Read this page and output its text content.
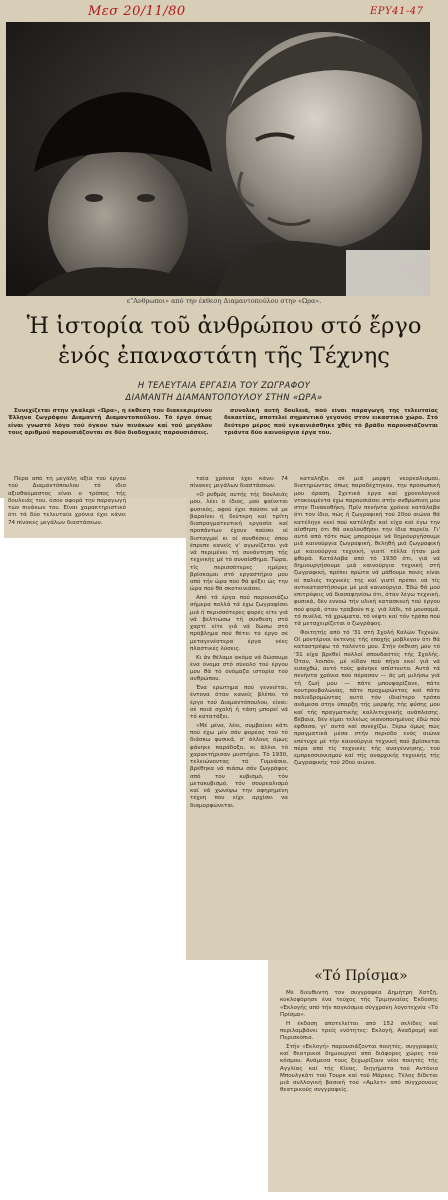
Μεσ 20/11/80	ΕΡΥ41-47
ε“Ανθρωποι» από την έκθεση Διαμαντοπούλου στην «Ωρα».
Ἡ ἱστορία τοῦ ἀνθρώπου στό ἔργο
ἑνός ἐπαναστάτη τῆς Τέχνης
Η ΤΕΛΕΥΤΑΙΑ ΕΡΓΑΣΙΑ ΤΟΥ ΖΩΓΡΑΦΟΥ
ΔΙΑΜΑΝΤΗ ΔΙΑΜΑΝΤΟΠΟΥΛΟΥ ΣΤΗΝ «ΩΡΑ»

Συνεχίζεται στην γκαλερί «Ώρα», η έκθεση του διακεκριμένου Έλληνα ζωγράφου Διαμαντή Διαμαντοπούλου. Τό έργο όπως είναι γνωστό λόγο τού όγκου τών πινάκων καί τού μεγάλου τους αριθμού παρουσιάζονται σε δύο διαδοχικές παρουσιάσεις.

συνολική αυτή δουλειά, πού είναι παραγωγή της τελευταίας δεκαετίας, αποτελεί σημαντικό γεγονός στον εικαστικό χώρο. Στό δεύτερο μέρος πού εγκαινιάσθηκε χθές τό βράδυ παρουσιάζονται τριάντα δύο καινούργια έργα του.

Πέρα από τή μεγάλη αξία τού έργου τού Διαμαντόπουλου τό ιδιο αξιοθαύμαστος είναι ο τρόπος τής δουλειάς του, όσον αφορά την παραγωγή τών πινάκων του. Είναι χαρακτηριστικό ότι τά δύο τελευταία χρόνια έχει κάνει 74 πίνακες μεγάλων διαστάσεων.

ταία χρόνια έχει κάνει 74 πίνακες μεγάλων διαστάσεων.

«Ο ρυθμός αυτής τής δουλειάς μου, λέει ο ίδιος, μού φαίνεται φυσικός, αφού έχει παύσει νά με βαραίνει ή δεύτερη καί τρίτη διαπραγματευτική εργασία καί προπάντων έχουν παύσει οί δισταγμοί κι οί συνθέσεις όπου έπρεπε κανείς ν' αγωνίζεται γιά νά περιμένει τή συνάντηση τής τεχνικής μέ τό συναίσθημα. Τώρα, τίς περισσότερες ημέρες βρίσκομαι στό εργαστήριο μου από τήν ώρα πού θά φέξει ώς την ώρα πού θά σκοτεινιάσει.

Από τά έργα πού παρουσιάζω σήμερα πολλά τά έχω ζωγραφίσει μιά ή περισσότερες φορές είτε γιά νά βελτιώσω τή σύνθεση στό χαρτί είτε γιά νά δώσω στό πρόβλημα πού θέτει τό έργο σέ μεταγενέστερα έργα νέες πλαστικές λύσεις.

Κι άν θέλαμε ακόμα νά δώσουμε ένα όνομα στό σύνολο τού έργου μου θά τό ονόμαζα ιστορία τού ανθρώπου.

Ένα ερώτημα πού γεννιέται, έντονα όταν κανείς βλέπει τό έργο τού Διαμαντόπουλου, είναι: σέ ποιά σχολή ή τάση μπορεί νά τό κατατάξει.

«Μέ μένα, λέει, συμβαίνει κάτι πού έχω μέν σάν φορέας τού τό διάσκω φυσικά, σ' άλλους όμως φάνηκε παράδοξο, κι άλλοι τό χαρακτήρισαν μυστήριο. Τό 1930, τελειώνοντας τό Γυμνάσιο, βρέθηκα νά πιάσω σάν ζωγράφος από τον κυβισμό, τόν μετακυβισμό, τόν σουρεαλισμό καί νά χωνέψω την αφηρημένη τέχνη που είχε αρχίσει να διαμορφώνεται.

καταλήξει σέ μιά μορφή νεορεαλισμού, διατηρώντας όπως παραδέχτηκαν, την προσωπική μου όραση. Σχετικά έργα καί χρονολογικά ντοκουμέντα έχω παρουσιάσει στήν ανθρώπινη μου στην Πινακοθήκη. Πρίν πενήντα χρόνια κατάλαβα ότι τον ίδιο, πώς ή ζωγραφική τού 20ού αιώνα θά κατέληγε εκεί πού κατέληξε καί είχα καί έγω την αίσθηση ότι θά ακολουθήσει την ίδια πορεία. Γι' αυτό από τότε πώς μπορούμε νά δημιουργήσουμε μιά καινούργια ζωγραφική, θεληθή μιά ζωγραφική μέ καινούργια τεχνική, γιατί τέλλα ήταν μιά φθορά. Κατάλαβα από τό 1930 ότι, γιά νά δημιουργήσουμε μιά καινούργια τεχνική στή ζωγραφική, πρέπει πρώτα νά μάθουμε ποιές είναι οί παλιές τεχνικές της καί γιατί πρέπει νά τίς αντικαταστήσουμε μέ μιά καινούργια. Έδώ θά μού επιτρέψεις νά διασαφηνίσω ότι, όταν λέγω τεχνική, φυσικά, δέν εννοώ τήν υλική κατασκευή τού έργου πού φορά, όταν τραβούν π.χ. γιά λάδι, τό μουσαμά, τό πινέλα, τά χρώματα, τό νέφτι καί τόν τρόπο πού τά μεταχειρίζεται ο ζωγράφος.

Φοιτητής από τό '31 στή Σχολή Καλών Τεχνών. Οί μοντέρνοι έκτενης τής εποχής μοβλεγαν ότι θά καταστρέψω τό ταλέντο μου. Στήν έκθεση μου τό '31 είχα βρεθεί πολλοί σπουδαστές τής Σχολής. Όταν, λοιπόν, μέ είδαν πού πήγα εκεί γιά νά εισαχθώ, αυτό τούς φάνηκε απίστευτο. Αυτά τά πενήντα χρόνια πού πέρασαν — άς μή μιλήσω γιά τή ζωή μου — πάτε μπουφαρίζανε, πάτε κουτρουβαλώνας, πάτε προχωρώντας καί πάτε παλινδρομώντας αυτό τόν ιδιαίτερο τρόπο ανάμεσα στην ύπαρξη τής μορφής τής φύσης μου καί τής πραγματικής καλλιτεχνικής ανάπλασης. Βέβαια, δέν είμαι τελείως ικανοποιημένος έδώ πού έφθασα, γι' αυτό καί συνεχίζω. Ξέρω όμως πώς πραγματικά μέσα στήν περιοδο ενός αιώνα επέτυχα μέ τήν καινούργια τεχνική πού βρίσκεται πέρα από τίς τεχνικές τής αναγέννησης, τού εμπρεσσιονισμού καί τής αναρχικής τεχνικής τής ζωγραφικής τού 20ού αιώνα.

«Τό Πρίσμα»

Μέ διευθυντή τον συγγραφέα Δημήτρη Χατζή, κυκλοφόρησε ένα τεύχος τής Τριμηνιαίας Έκδοσης «Εκλογής από τήν παγκόσμια σύγχρονη λογοτεχνία «Τό Πρίσμα».

Η έκδοση αποτελείται από 152 σελίδες καί περιλαμβάνει τρείς ενότητες: Εκλογή, Αναδρομή καί Περισκόπιο.

Στήν «Εκλογή» παρουσιάζονται ποιητές, συγγραφείς καί θεατρικοί δημιουργοί από διάφορες χώρες τού κόσμου. Ανάμεσα τους ξεχωρίζουν νέοι ποιητές τής Αγγλίας καί τής Κίνας, διηγήματα τού Αντόνιο Μπουλγκάτι τού Τουρκ καί τού Μάρκες. Τέλος δίδεται μιά συλλογική βασική τού «Αμλετ» από σύγχρονους θεατρικούς συγγραφείς.
